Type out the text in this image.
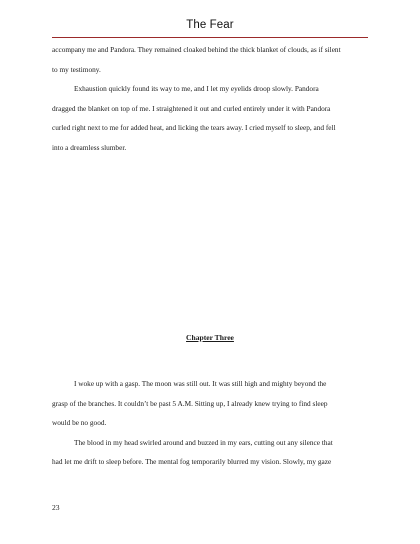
The Fear
accompany me and Pandora. They remained cloaked behind the thick blanket of clouds, as if silent
to my testimony.
Exhaustion quickly found its way to me, and I let my eyelids droop slowly. Pandora
dragged the blanket on top of me. I straightened it out and curled entirely under it with Pandora
curled right next to me for added heat, and licking the tears away. I cried myself to sleep, and fell
into a dreamless slumber.
Chapter Three
I woke up with a gasp. The moon was still out. It was still high and mighty beyond the
grasp of the branches. It couldn’t be past 5 A.M. Sitting up, I already knew trying to find sleep
would be no good.
The blood in my head swirled around and buzzed in my ears, cutting out any silence that
had let me drift to sleep before. The mental fog temporarily blurred my vision. Slowly, my gaze
23
